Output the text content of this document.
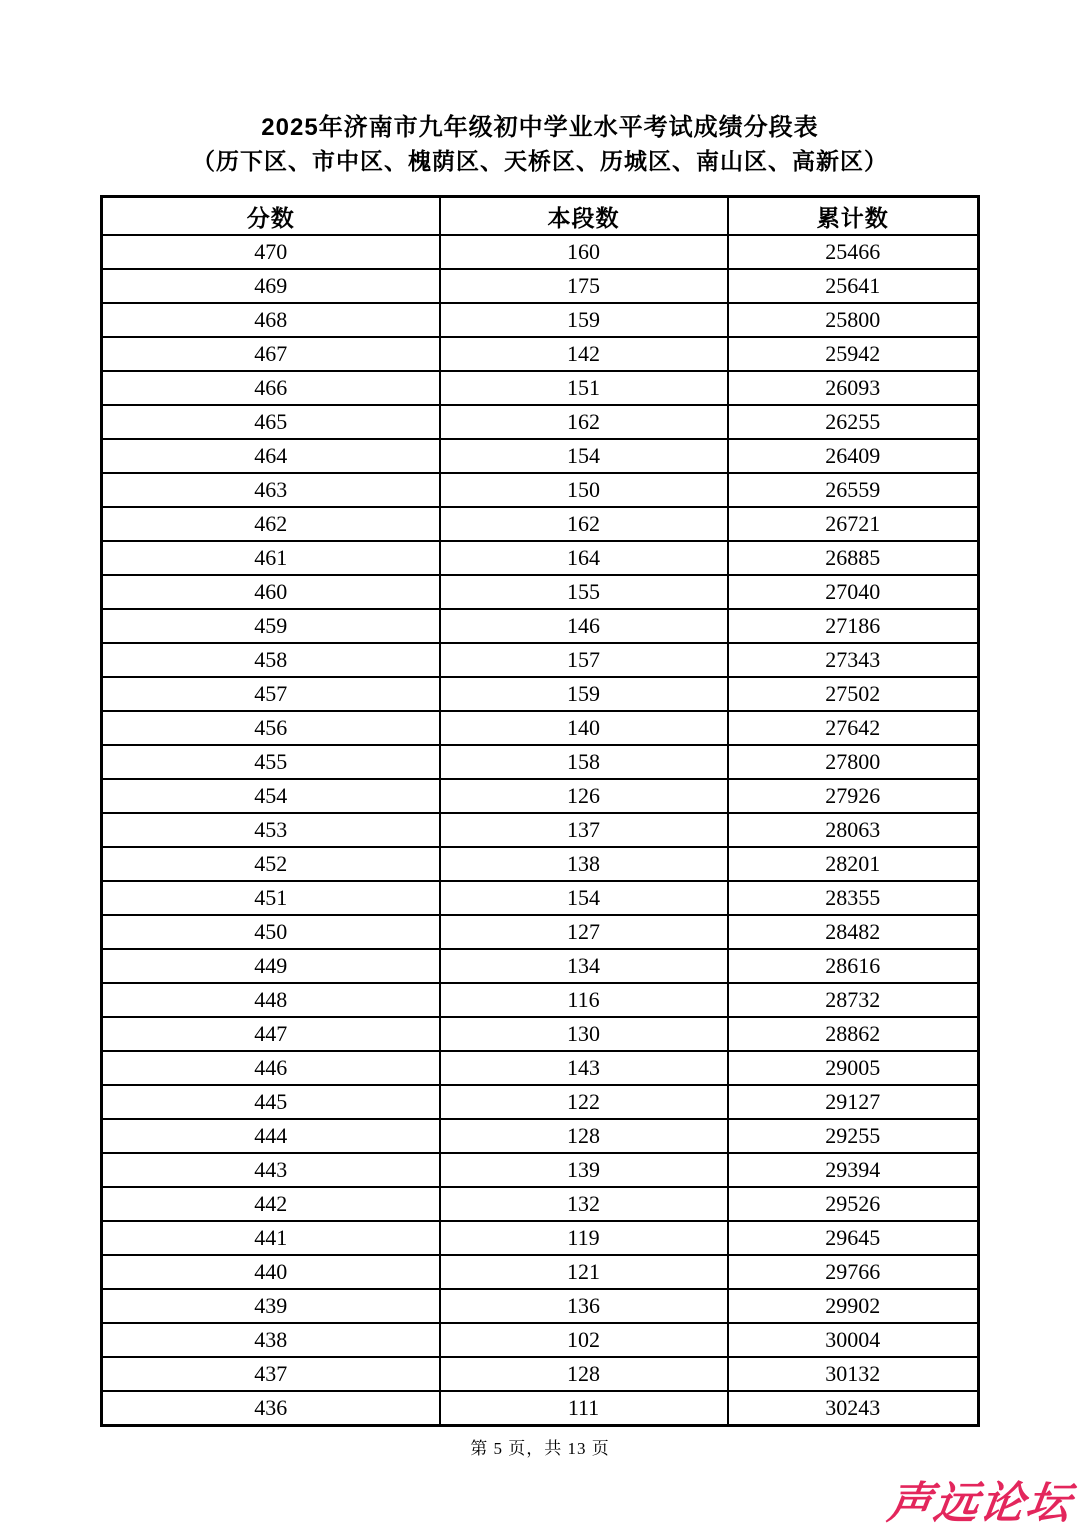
2025年济南市九年级初中学业水平考试成绩分段表
（历下区、市中区、槐荫区、天桥区、历城区、南山区、高新区）
分数	本段数	累计数
470	160	25466
469	175	25641
468	159	25800
467	142	25942
466	151	26093
465	162	26255
464	154	26409
463	150	26559
462	162	26721
461	164	26885
460	155	27040
459	146	27186
458	157	27343
457	159	27502
456	140	27642
455	158	27800
454	126	27926
453	137	28063
452	138	28201
451	154	28355
450	127	28482
449	134	28616
448	116	28732
447	130	28862
446	143	29005
445	122	29127
444	128	29255
443	139	29394
442	132	29526
441	119	29645
440	121	29766
439	136	29902
438	102	30004
437	128	30132
436	111	30243
第 5 页，共 13 页
声远论坛
